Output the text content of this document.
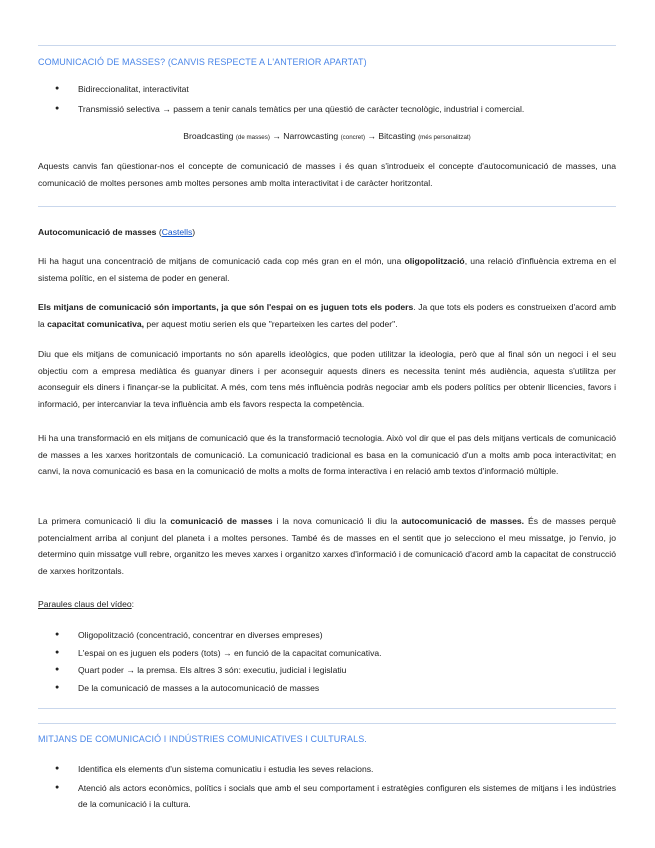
COMUNICACIÓ DE MASSES? (CANVIS RESPECTE A L'ANTERIOR APARTAT)
● Bidireccionalitat, interactivitat
● Transmissió selectiva → passem a tenir canals temàtics per una qüestió de caràcter tecnològic, industrial i comercial.
Broadcasting (de masses) → Narrowcasting (concret) → Bitcasting (més personalitzat)

Aquests canvis fan qüestionar-nos el concepte de comunicació de masses i és quan s'introdueix el concepte d'autocomunicació de masses, una comunicació de moltes persones amb moltes persones amb molta interactivitat i de caràcter horitzontal.

Autocomunicació de masses (Castells)

Hi ha hagut una concentració de mitjans de comunicació cada cop més gran en el món, una oligopolització, una relació d'influència extrema en el sistema polític, en el sistema de poder en general.

Els mitjans de comunicació són importants, ja que són l'espai on es juguen tots els poders. Ja que tots els poders es construeixen d'acord amb la capacitat comunicativa, per aquest motiu serien els que "reparteixen les cartes del poder".

Diu que els mitjans de comunicació importants no són aparells ideològics, que poden utilitzar la ideologia, però que al final són un negoci i el seu objectiu com a empresa mediàtica és guanyar diners i per aconseguir aquests diners es necessita tenint més audiència, aquesta s'utilitza per aconseguir els diners i finançar-se la publicitat. A més, com tens més influència podràs negociar amb els poders polítics per obtenir llicencies, favors i informació, per intercanviar la teva influència amb els favors respecta la competència.

Hi ha una transformació en els mitjans de comunicació que és la transformació tecnologia. Això vol dir que el pas dels mitjans verticals de comunicació de masses a les xarxes horitzontals de comunicació. La comunicació tradicional es basa en la comunicació d'un a molts amb poca interactivitat; en canvi, la nova comunicació es basa en la comunicació de molts a molts de forma interactiva i en relació amb textos d'informació múltiple.

La primera comunicació li diu la comunicació de masses i la nova comunicació li diu la autocomunicació de masses. És de masses perquè potencialment arriba al conjunt del planeta i a moltes persones. També és de masses en el sentit que jo selecciono el meu missatge, jo l'envio, jo determino quin missatge vull rebre, organitzo les meves xarxes i organitzo xarxes d'informació i de comunicació d'acord amb la capacitat de construcció de xarxes horitzontals.

Paraules claus del vídeo:
● Oligopolització (concentració, concentrar en diverses empreses)
● L'espai on es juguen els poders (tots) → en funció de la capacitat comunicativa.
● Quart poder → la premsa. Els altres 3 són: executiu, judicial i legislatiu
● De la comunicació de masses a la autocomunicació de masses
MITJANS DE COMUNICACIÓ I INDÚSTRIES COMUNICATIVES I CULTURALS.
● Identifica els elements d'un sistema comunicatiu i estudia les seves relacions.
● Atenció als actors econòmics, polítics i socials que amb el seu comportament i estratègies configuren els sistemes de mitjans i les indústries de la comunicació i la cultura.
